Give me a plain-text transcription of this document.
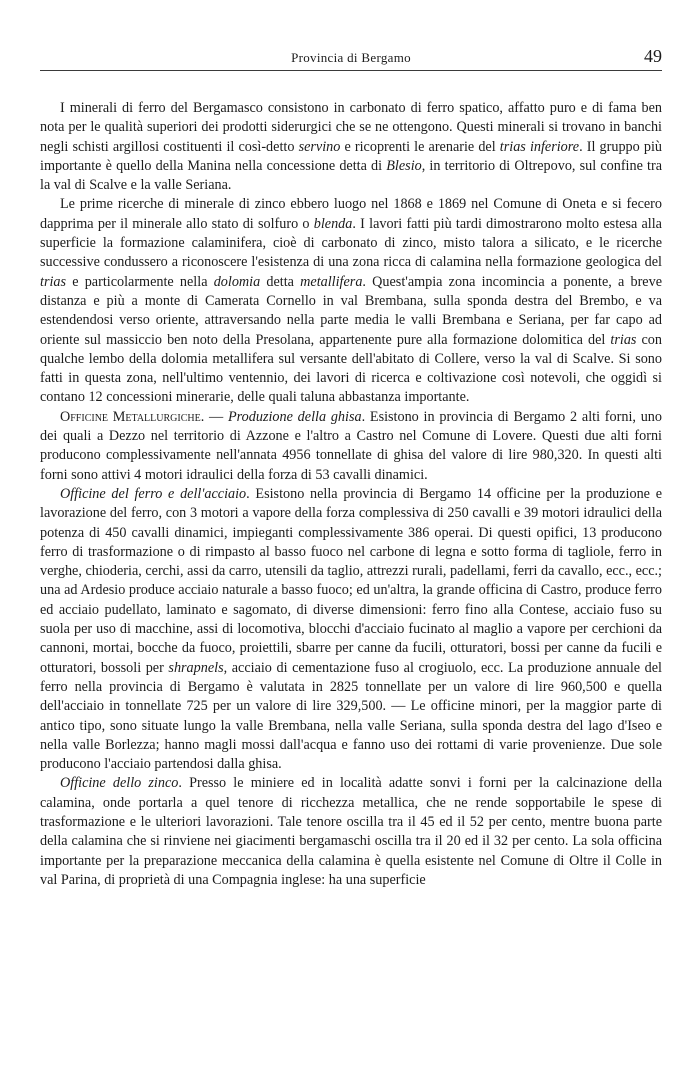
Provincia di Bergamo	49

I minerali di ferro del Bergamasco consistono in carbonato di ferro spatico, affatto puro e di fama ben nota per le qualità superiori dei prodotti siderurgici che se ne ottengono. Questi minerali si trovano in banchi negli schisti argillosi costituenti il così-detto servino e ricoprenti le arenarie del trias inferiore. Il gruppo più importante è quello della Manina nella concessione detta di Blesio, in territorio di Oltrepovo, sul confine tra la val di Scalve e la valle Seriana.

Le prime ricerche di minerale di zinco ebbero luogo nel 1868 e 1869 nel Comune di Oneta e si fecero dapprima per il minerale allo stato di solfuro o blenda. I lavori fatti più tardi dimostrarono molto estesa alla superficie la formazione calaminifera, cioè di carbonato di zinco, misto talora a silicato, e le ricerche successive condussero a riconoscere l'esistenza di una zona ricca di calamina nella formazione geologica del trias e particolarmente nella dolomia detta metallifera. Quest'ampia zona incomincia a ponente, a breve distanza e più a monte di Camerata Cornello in val Brembana, sulla sponda destra del Brembo, e va estendendosi verso oriente, attraversando nella parte media le valli Brembana e Seriana, per far capo ad oriente sul massiccio ben noto della Presolana, appartenente pure alla formazione dolomitica del trias con qualche lembo della dolomia metallifera sul versante dell'abitato di Collere, verso la val di Scalve. Si sono fatti in questa zona, nell'ultimo ventennio, dei lavori di ricerca e coltivazione così notevoli, che oggidì si contano 12 concessioni minerarie, delle quali taluna abbastanza importante.

Officine Metallurgiche. — Produzione della ghisa. Esistono in provincia di Bergamo 2 alti forni, uno dei quali a Dezzo nel territorio di Azzone e l'altro a Castro nel Comune di Lovere. Questi due alti forni producono complessivamente nell'annata 4956 tonnellate di ghisa del valore di lire 980,320. In questi alti forni sono attivi 4 motori idraulici della forza di 53 cavalli dinamici.

Officine del ferro e dell'acciaio. Esistono nella provincia di Bergamo 14 officine per la produzione e lavorazione del ferro, con 3 motori a vapore della forza complessiva di 250 cavalli e 39 motori idraulici della potenza di 450 cavalli dinamici, impieganti complessivamente 386 operai. Di questi opifici, 13 producono ferro di trasformazione o di rimpasto al basso fuoco nel carbone di legna e sotto forma di tagliole, ferro in verghe, chioderia, cerchi, assi da carro, utensili da taglio, attrezzi rurali, padellami, ferri da cavallo, ecc., ecc.; una ad Ardesio produce acciaio naturale a basso fuoco; ed un'altra, la grande officina di Castro, produce ferro ed acciaio pudellato, laminato e sagomato, di diverse dimensioni: ferro fino alla Contese, acciaio fuso su suola per uso di macchine, assi di locomotiva, blocchi d'acciaio fucinato al maglio a vapore per cerchioni da cannoni, mortai, bocche da fuoco, proiettili, sbarre per canne da fucili, otturatori, bossi per canne da fucili e otturatori, bossoli per shrapnels, acciaio di cementazione fuso al crogiuolo, ecc. La produzione annuale del ferro nella provincia di Bergamo è valutata in 2825 tonnellate per un valore di lire 960,500 e quella dell'acciaio in tonnellate 725 per un valore di lire 329,500. — Le officine minori, per la maggior parte di antico tipo, sono situate lungo la valle Brembana, nella valle Seriana, sulla sponda destra del lago d'Iseo e nella valle Borlezza; hanno magli mossi dall'acqua e fanno uso dei rottami di varie provenienze. Due sole producono l'acciaio partendosi dalla ghisa.

Officine dello zinco. Presso le miniere ed in località adatte sonvi i forni per la calcinazione della calamina, onde portarla a quel tenore di ricchezza metallica, che ne rende sopportabile le spese di trasformazione e le ulteriori lavorazioni. Tale tenore oscilla tra il 45 ed il 52 per cento, mentre buona parte della calamina che si rinviene nei giacimenti bergamaschi oscilla tra il 20 ed il 32 per cento. La sola officina importante per la preparazione meccanica della calamina è quella esistente nel Comune di Oltre il Colle in val Parina, di proprietà di una Compagnia inglese: ha una superficie
